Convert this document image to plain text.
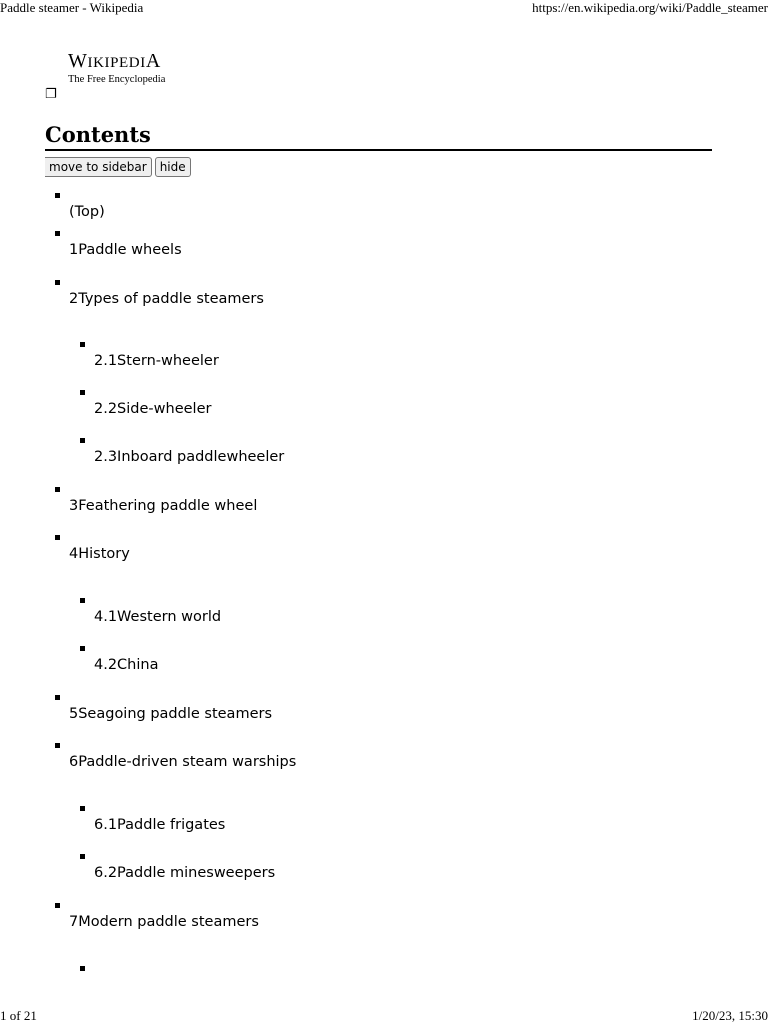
Paddle steamer - Wikipedia	https://en.wikipedia.org/wiki/Paddle_steamer
WIKIPEDIA
The Free Encyclopedia
❐
Contents
move to sidebar	hide
(Top)
1Paddle wheels
2Types of paddle steamers
2.1Stern-wheeler
2.2Side-wheeler
2.3Inboard paddlewheeler
3Feathering paddle wheel
4History
4.1Western world
4.2China
5Seagoing paddle steamers
6Paddle-driven steam warships
6.1Paddle frigates
6.2Paddle minesweepers
7Modern paddle steamers
1 of 21	1/20/23, 15:30
